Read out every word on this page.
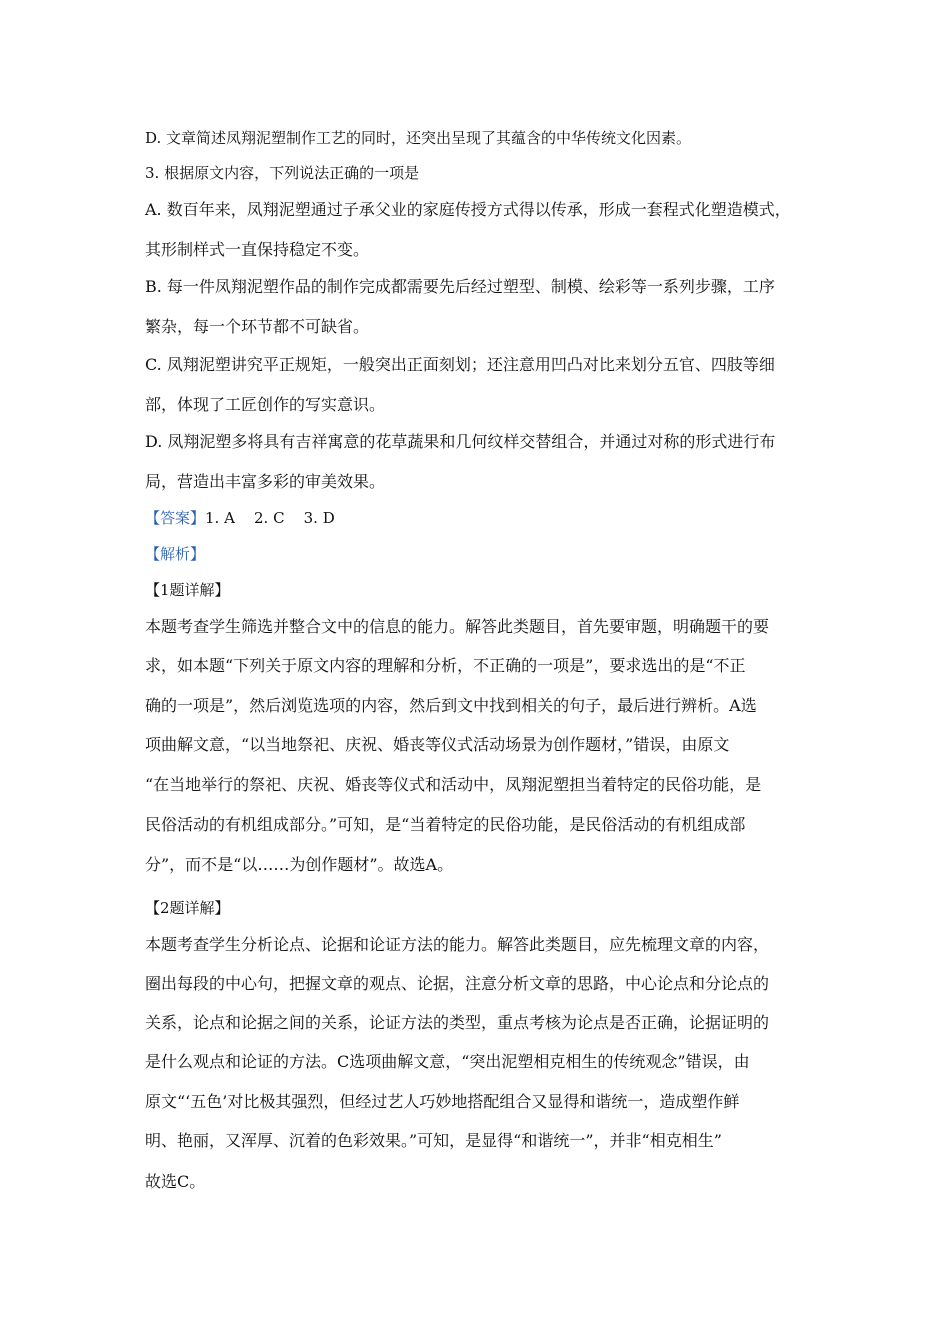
D. 文章简述凤翔泥塑制作工艺的同时，还突出呈现了其蕴含的中华传统文化因素。
3. 根据原文内容，下列说法正确的一项是
A. 数百年来，凤翔泥塑通过子承父业的家庭传授方式得以传承，形成一套程式化塑造模式，
其形制样式一直保持稳定不变。
B. 每一件凤翔泥塑作品的制作完成都需要先后经过塑型、制模、绘彩等一系列步骤，工序
繁杂，每一个环节都不可缺省。
C. 凤翔泥塑讲究平正规矩，一般突出正面刻划；还注意用凹凸对比来划分五官、四肢等细
部，体现了工匠创作的写实意识。
D. 凤翔泥塑多将具有吉祥寓意的花草蔬果和几何纹样交替组合，并通过对称的形式进行布
局，营造出丰富多彩的审美效果。
【答案】1. A    2. C    3. D
【解析】
【1题详解】
本题考查学生筛选并整合文中的信息的能力。解答此类题目，首先要审题，明确题干的要
求，如本题“下列关于原文内容的理解和分析，不正确的一项是”，要求选出的是“不正
确的一项是”，然后浏览选项的内容，然后到文中找到相关的句子，最后进行辨析。A选
项曲解文意，“以当地祭祀、庆祝、婚丧等仪式活动场景为创作题材，”错误，由原文
“在当地举行的祭祀、庆祝、婚丧等仪式和活动中，凤翔泥塑担当着特定的民俗功能，是
民俗活动的有机组成部分。”可知，是“当着特定的民俗功能，是民俗活动的有机组成部
分”，而不是“以……为创作题材”。故选A。
【2题详解】
本题考查学生分析论点、论据和论证方法的能力。解答此类题目，应先梳理文章的内容，
圈出每段的中心句，把握文章的观点、论据，注意分析文章的思路，中心论点和分论点的
关系，论点和论据之间的关系，论证方法的类型，重点考核为论点是否正确，论据证明的
是什么观点和论证的方法。C选项曲解文意，“突出泥塑相克相生的传统观念”错误，由
原文“‘五色’对比极其强烈，但经过艺人巧妙地搭配组合又显得和谐统一，造成塑作鲜
明、艳丽，又浑厚、沉着的色彩效果。”可知，是显得“和谐统一”，并非“相克相生”
故选C。
